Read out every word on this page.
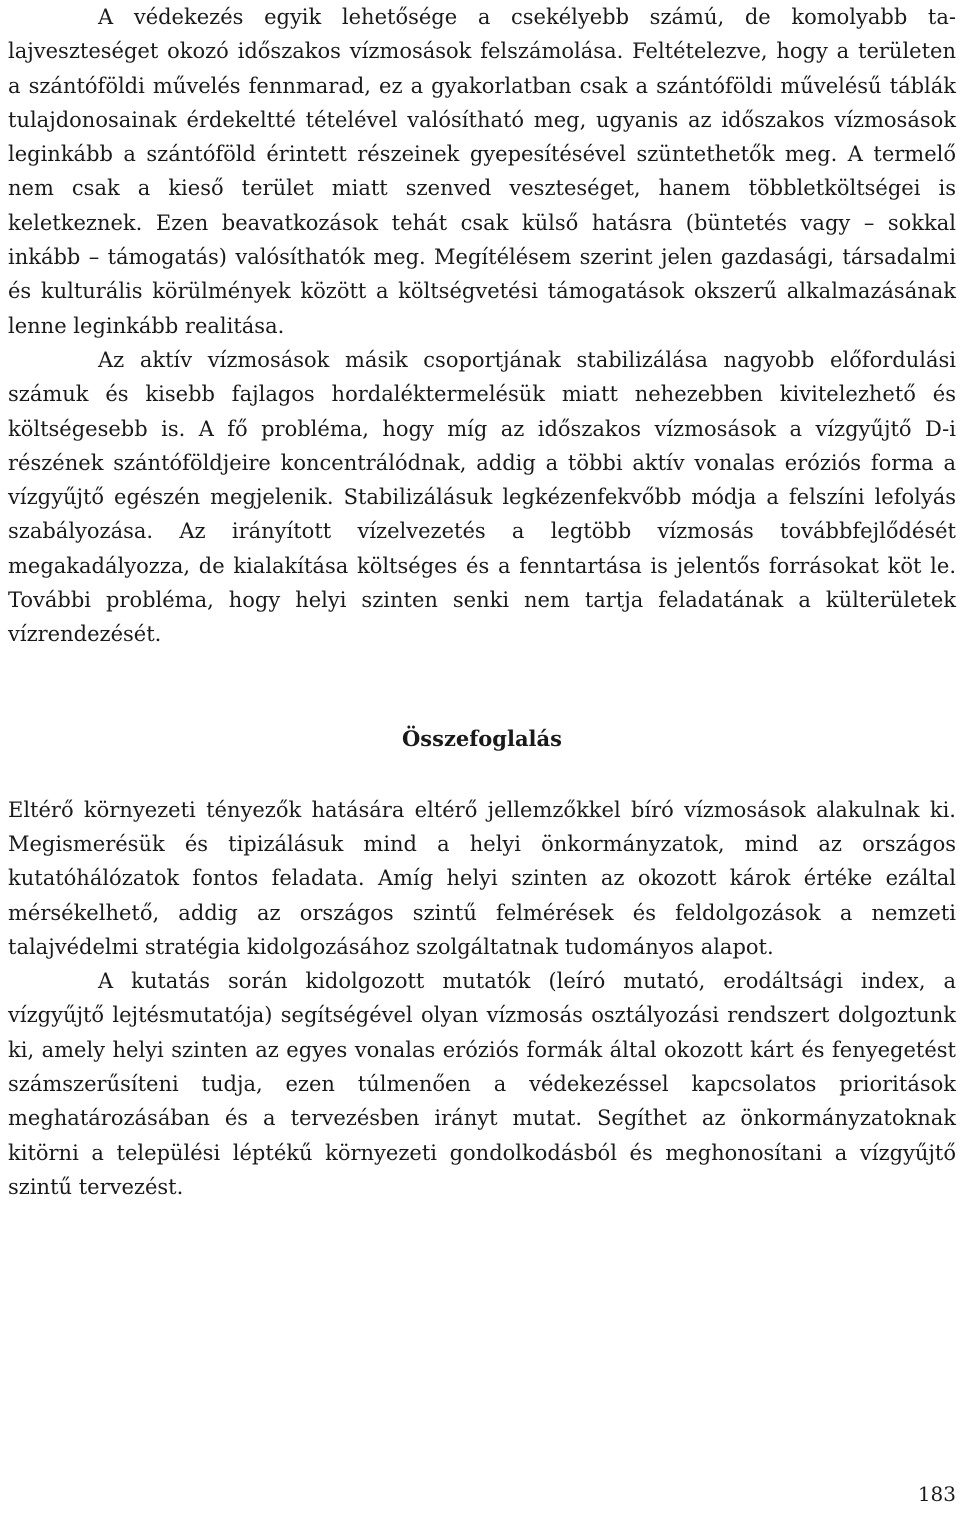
A védekezés egyik lehetősége a csekélyebb számú, de komolyabb talajveszteséget okozó időszakos vízmosások felszámolása. Feltételezve, hogy a területen a szántóföldi művelés fennmarad, ez a gyakorlatban csak a szántóföldi művelésű táblák tulajdonosainak érdekeltté tételével valósítható meg, ugyanis az időszakos vízmosások leginkább a szántóföld érintett részeinek gyepesítésével szüntethetők meg. A termelő nem csak a kieső terület miatt szenved veszteséget, hanem többletköltségei is keletkeznek. Ezen beavatkozások tehát csak külső hatásra (büntetés vagy – sokkal inkább – támogatás) valósíthatók meg. Megítélésem szerint jelen gazdasági, társadalmi és kulturális körülmények között a költségvetési támogatások okszerű alkalmazásának lenne leginkább realitása.

Az aktív vízmosások másik csoportjának stabilizálása nagyobb előfordulási számuk és kisebb fajlagos hordaléktermelésük miatt nehezebben kivitelezhető és költségesebb is. A fő probléma, hogy míg az időszakos vízmosások a vízgyűjtő D-i részének szántóföldjeire koncentrálódnak, addig a többi aktív vonalas eróziós forma a vízgyűjtő egészén megjelenik. Stabilizálásuk legkézenfekvőbb módja a felszíni lefolyás szabályozása. Az irányított vízelvezetés a legtöbb vízmosás továbbfejlődését megakadályozza, de kialakítása költséges és a fenntartása is jelentős forrásokat köt le. További probléma, hogy helyi szinten senki nem tartja feladatának a külterületek vízrendezését.

Összefoglalás

Eltérő környezeti tényezők hatására eltérő jellemzőkkel bíró vízmosások alakulnak ki. Megismerésük és tipizálásuk mind a helyi önkormányzatok, mind az országos kutatóhálózatok fontos feladata. Amíg helyi szinten az okozott károk értéke ezáltal mérsékelhető, addig az országos szintű felmérések és feldolgozások a nemzeti talajvédelmi stratégia kidolgozásához szolgáltatnak tudományos alapot.

A kutatás során kidolgozott mutatók (leíró mutató, erodáltsági index, a vízgyűjtő lejtésmutatója) segítségével olyan vízmosás osztályozási rendszert dolgoztunk ki, amely helyi szinten az egyes vonalas eróziós formák által okozott kárt és fenyegetést számszerűsíteni tudja, ezen túlmenően a védekezéssel kapcsolatos prioritások meghatározásában és a tervezésben irányt mutat. Segíthet az önkormányzatoknak kitörni a települési léptékű környezeti gondolkodásból és meghonosítani a vízgyűjtő szintű tervezést.

183
